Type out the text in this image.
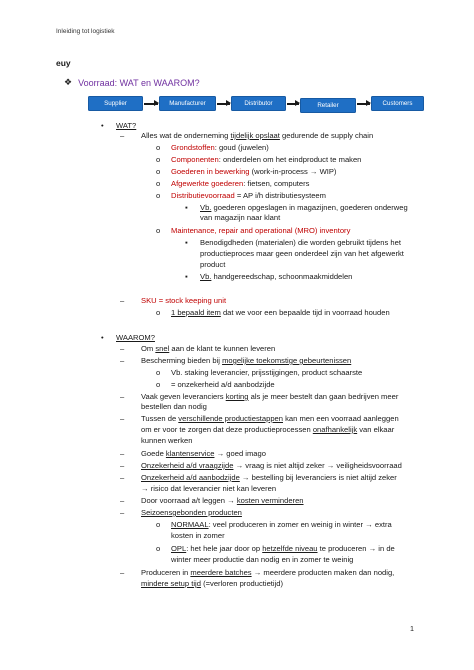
Inleiding tot logistiek
euy
❖ Voorraad: WAT en WAAROM?
Supplier	Manufacturer	Distributor	Retailer	Customers
• WAT?
– Alles wat de onderneming tijdelijk opslaat gedurende de supply chain
o Grondstoffen: goud (juwelen)
o Componenten: onderdelen om het eindproduct te maken
o Goederen in bewerking (work-in-process → WIP)
o Afgewerkte goederen: fietsen, computers
o Distributievoorraad = AP i/h distributiesysteem
▪ Vb. goederen opgeslagen in magazijnen, goederen onderweg
van magazijn naar klant
o Maintenance, repair and operational (MRO) inventory
▪ Benodigdheden (materialen) die worden gebruikt tijdens het
productieproces maar geen onderdeel zijn van het afgewerkt
product
▪ Vb. handgereedschap, schoonmaakmiddelen
– SKU = stock keeping unit
o 1 bepaald item dat we voor een bepaalde tijd in voorraad houden
• WAAROM?
– Om snel aan de klant te kunnen leveren
– Bescherming bieden bij mogelijke toekomstige gebeurtenissen
o Vb. staking leverancier, prijsstijgingen, product schaarste
o = onzekerheid a/d aanbodzijde
– Vaak geven leveranciers korting als je meer bestelt dan gaan bedrijven meer
bestellen dan nodig
– Tussen de verschillende productiestappen kan men een voorraad aanleggen
om er voor te zorgen dat deze productieprocessen onafhankelijk van elkaar
kunnen werken
– Goede klantenservice → goed imago
– Onzekerheid a/d vraagzijde → vraag is niet altijd zeker → veiligheidsvoorraad
– Onzekerheid a/d aanbodzijde → bestelling bij leveranciers is niet altijd zeker
→ risico dat leverancier niet kan leveren
– Door voorraad a/t leggen → kosten verminderen
– Seizoensgebonden producten
o NORMAAL: veel produceren in zomer en weinig in winter → extra
kosten in zomer
o OPL: het hele jaar door op hetzelfde niveau te produceren → in de
winter meer productie dan nodig en in zomer te weinig
– Produceren in meerdere batches → meerdere producten maken dan nodig,
mindere setup tijd (=verloren productietijd)
1
